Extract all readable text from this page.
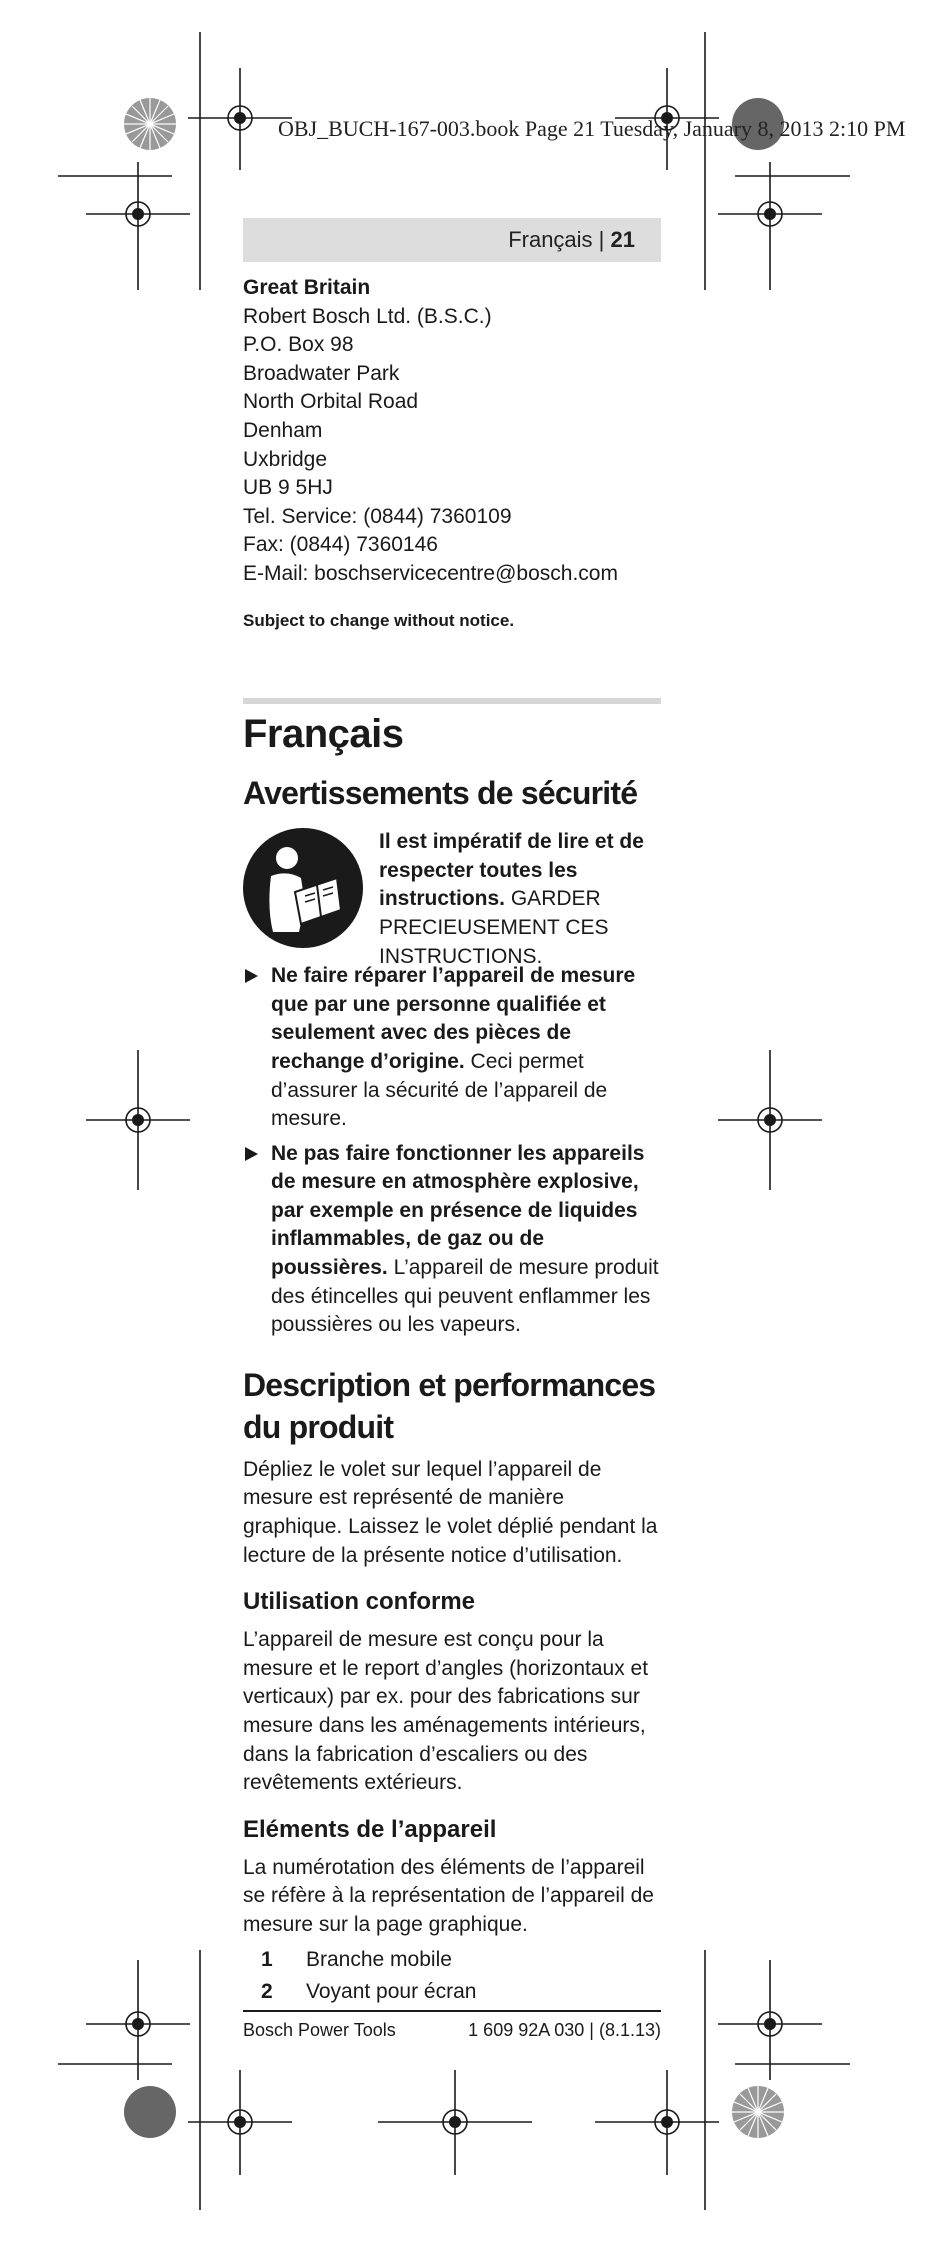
OBJ_BUCH-167-003.book Page 21 Tuesday, January 8, 2013 2:10 PM
Français | 21
Great Britain
Robert Bosch Ltd. (B.S.C.)
P.O. Box 98
Broadwater Park
North Orbital Road
Denham
Uxbridge
UB 9 5HJ
Tel. Service: (0844) 7360109
Fax: (0844) 7360146
E-Mail: boschservicecentre@bosch.com
Subject to change without notice.
Français
Avertissements de sécurité
Il est impératif de lire et de respecter toutes les instructions. GARDER PRECIEUSEMENT CES INSTRUCTIONS.
Ne faire réparer l’appareil de mesure que par une personne qualifiée et seulement avec des pièces de rechange d’origine. Ceci permet d’assurer la sécurité de l’appareil de mesure.
Ne pas faire fonctionner les appareils de mesure en atmosphère explosive, par exemple en présence de liquides inflammables, de gaz ou de poussières. L’appareil de mesure produit des étincelles qui peuvent enflammer les poussières ou les vapeurs.
Description et performances du produit
Dépliez le volet sur lequel l’appareil de mesure est représenté de manière graphique. Laissez le volet déplié pendant la lecture de la présente notice d’utilisation.
Utilisation conforme
L’appareil de mesure est conçu pour la mesure et le report d’angles (horizontaux et verticaux) par ex. pour des fabrications sur mesure dans les aménagements intérieurs, dans la fabrication d’escaliers ou des revêtements extérieurs.
Eléments de l’appareil
La numérotation des éléments de l’appareil se réfère à la représentation de l’appareil de mesure sur la page graphique.
1 Branche mobile
2 Voyant pour écran
Bosch Power Tools	1 609 92A 030 | (8.1.13)
